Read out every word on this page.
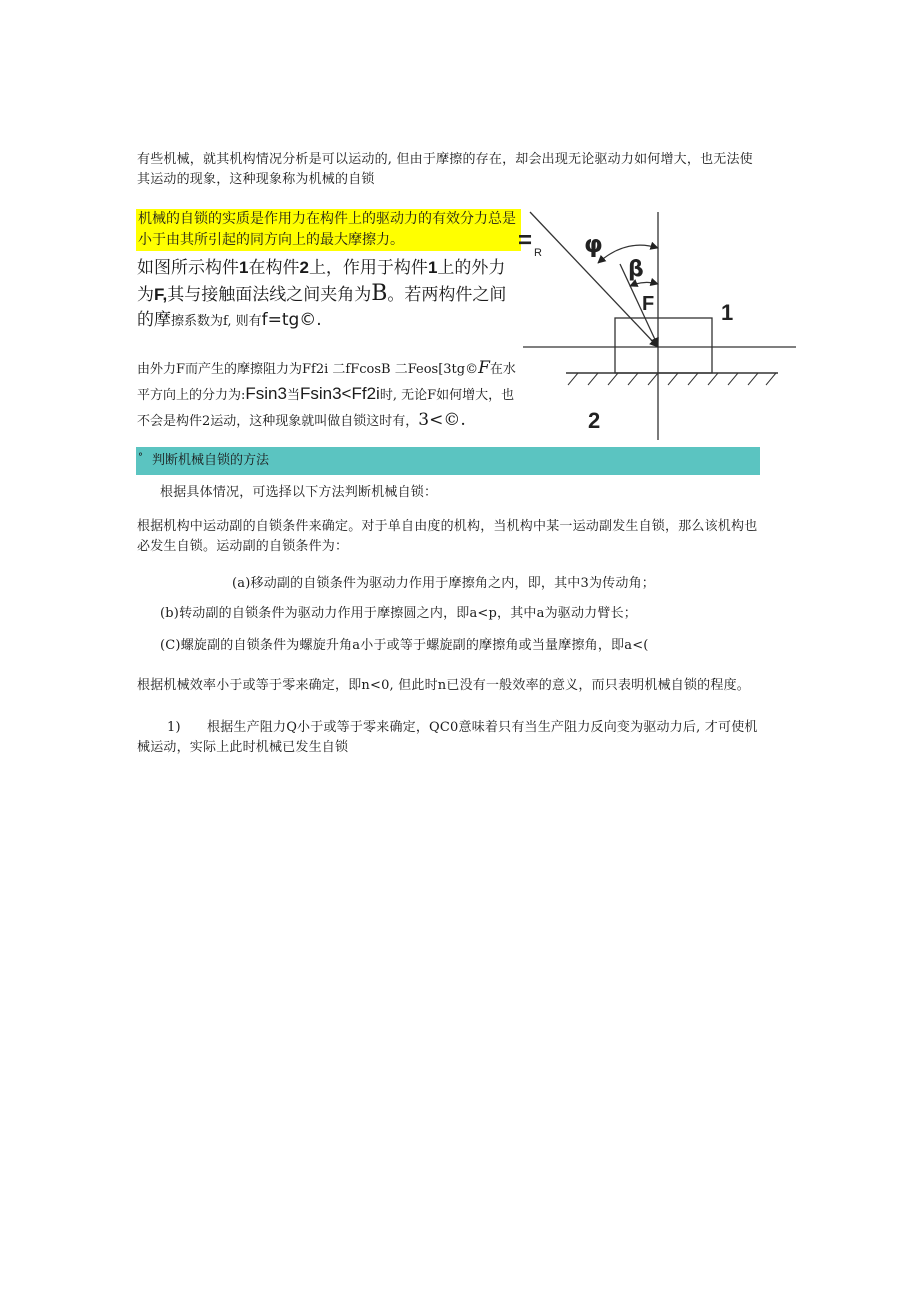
有些机械，就其机构情况分析是可以运动的, 但由于摩擦的存在，却会出现无论驱动力如何增大，也无法使其运动的现象，这种现象称为机械的自锁
机械的自锁的实质是作用力在构件上的驱动力的有效分力总是小于由其所引起的同方向上的最大摩擦力。
如图所示构件1在构件2上，作用于构件1上的外力为F,其与接触面法线之间夹角为B。若两构件之间的摩擦系数为f, 则有f=tg©.
由外力F而产生的摩擦阻力为Ff2i 二fFcosB 二Feos[3tg©F在水平方向上的分力为:Fsin3当Fsin3<Ff2i时, 无论F如何增大，也不会是构件2运动，这种现象就叫做自锁这时有，3<©.
° 判断机械自锁的方法
根据具体情况，可选择以下方法判断机械自锁：
根据机构中运动副的自锁条件来确定。对于单自由度的机构，当机构中某一运动副发生自锁，那么该机构也必发生自锁。运动副的自锁条件为：
(a)移动副的自锁条件为驱动力作用于摩擦角之内，即，其中3为传动角；
(b)转动副的自锁条件为驱动力作用于摩擦圆之内，即a<p，其中a为驱动力臂长；
(C)螺旋副的自锁条件为螺旋升角a小于或等于螺旋副的摩擦角或当量摩擦角，即a<(
根据机械效率小于或等于零来确定，即n<0, 但此时n已没有一般效率的意义，而只表明机械自锁的程度。
1) 根据生产阻力Q小于或等于零来确定，QC0意味着只有当生产阻力反向变为驱动力后, 才可使机械运动，实际上此时机械已发生自锁
= R φ
β
F	1
2
